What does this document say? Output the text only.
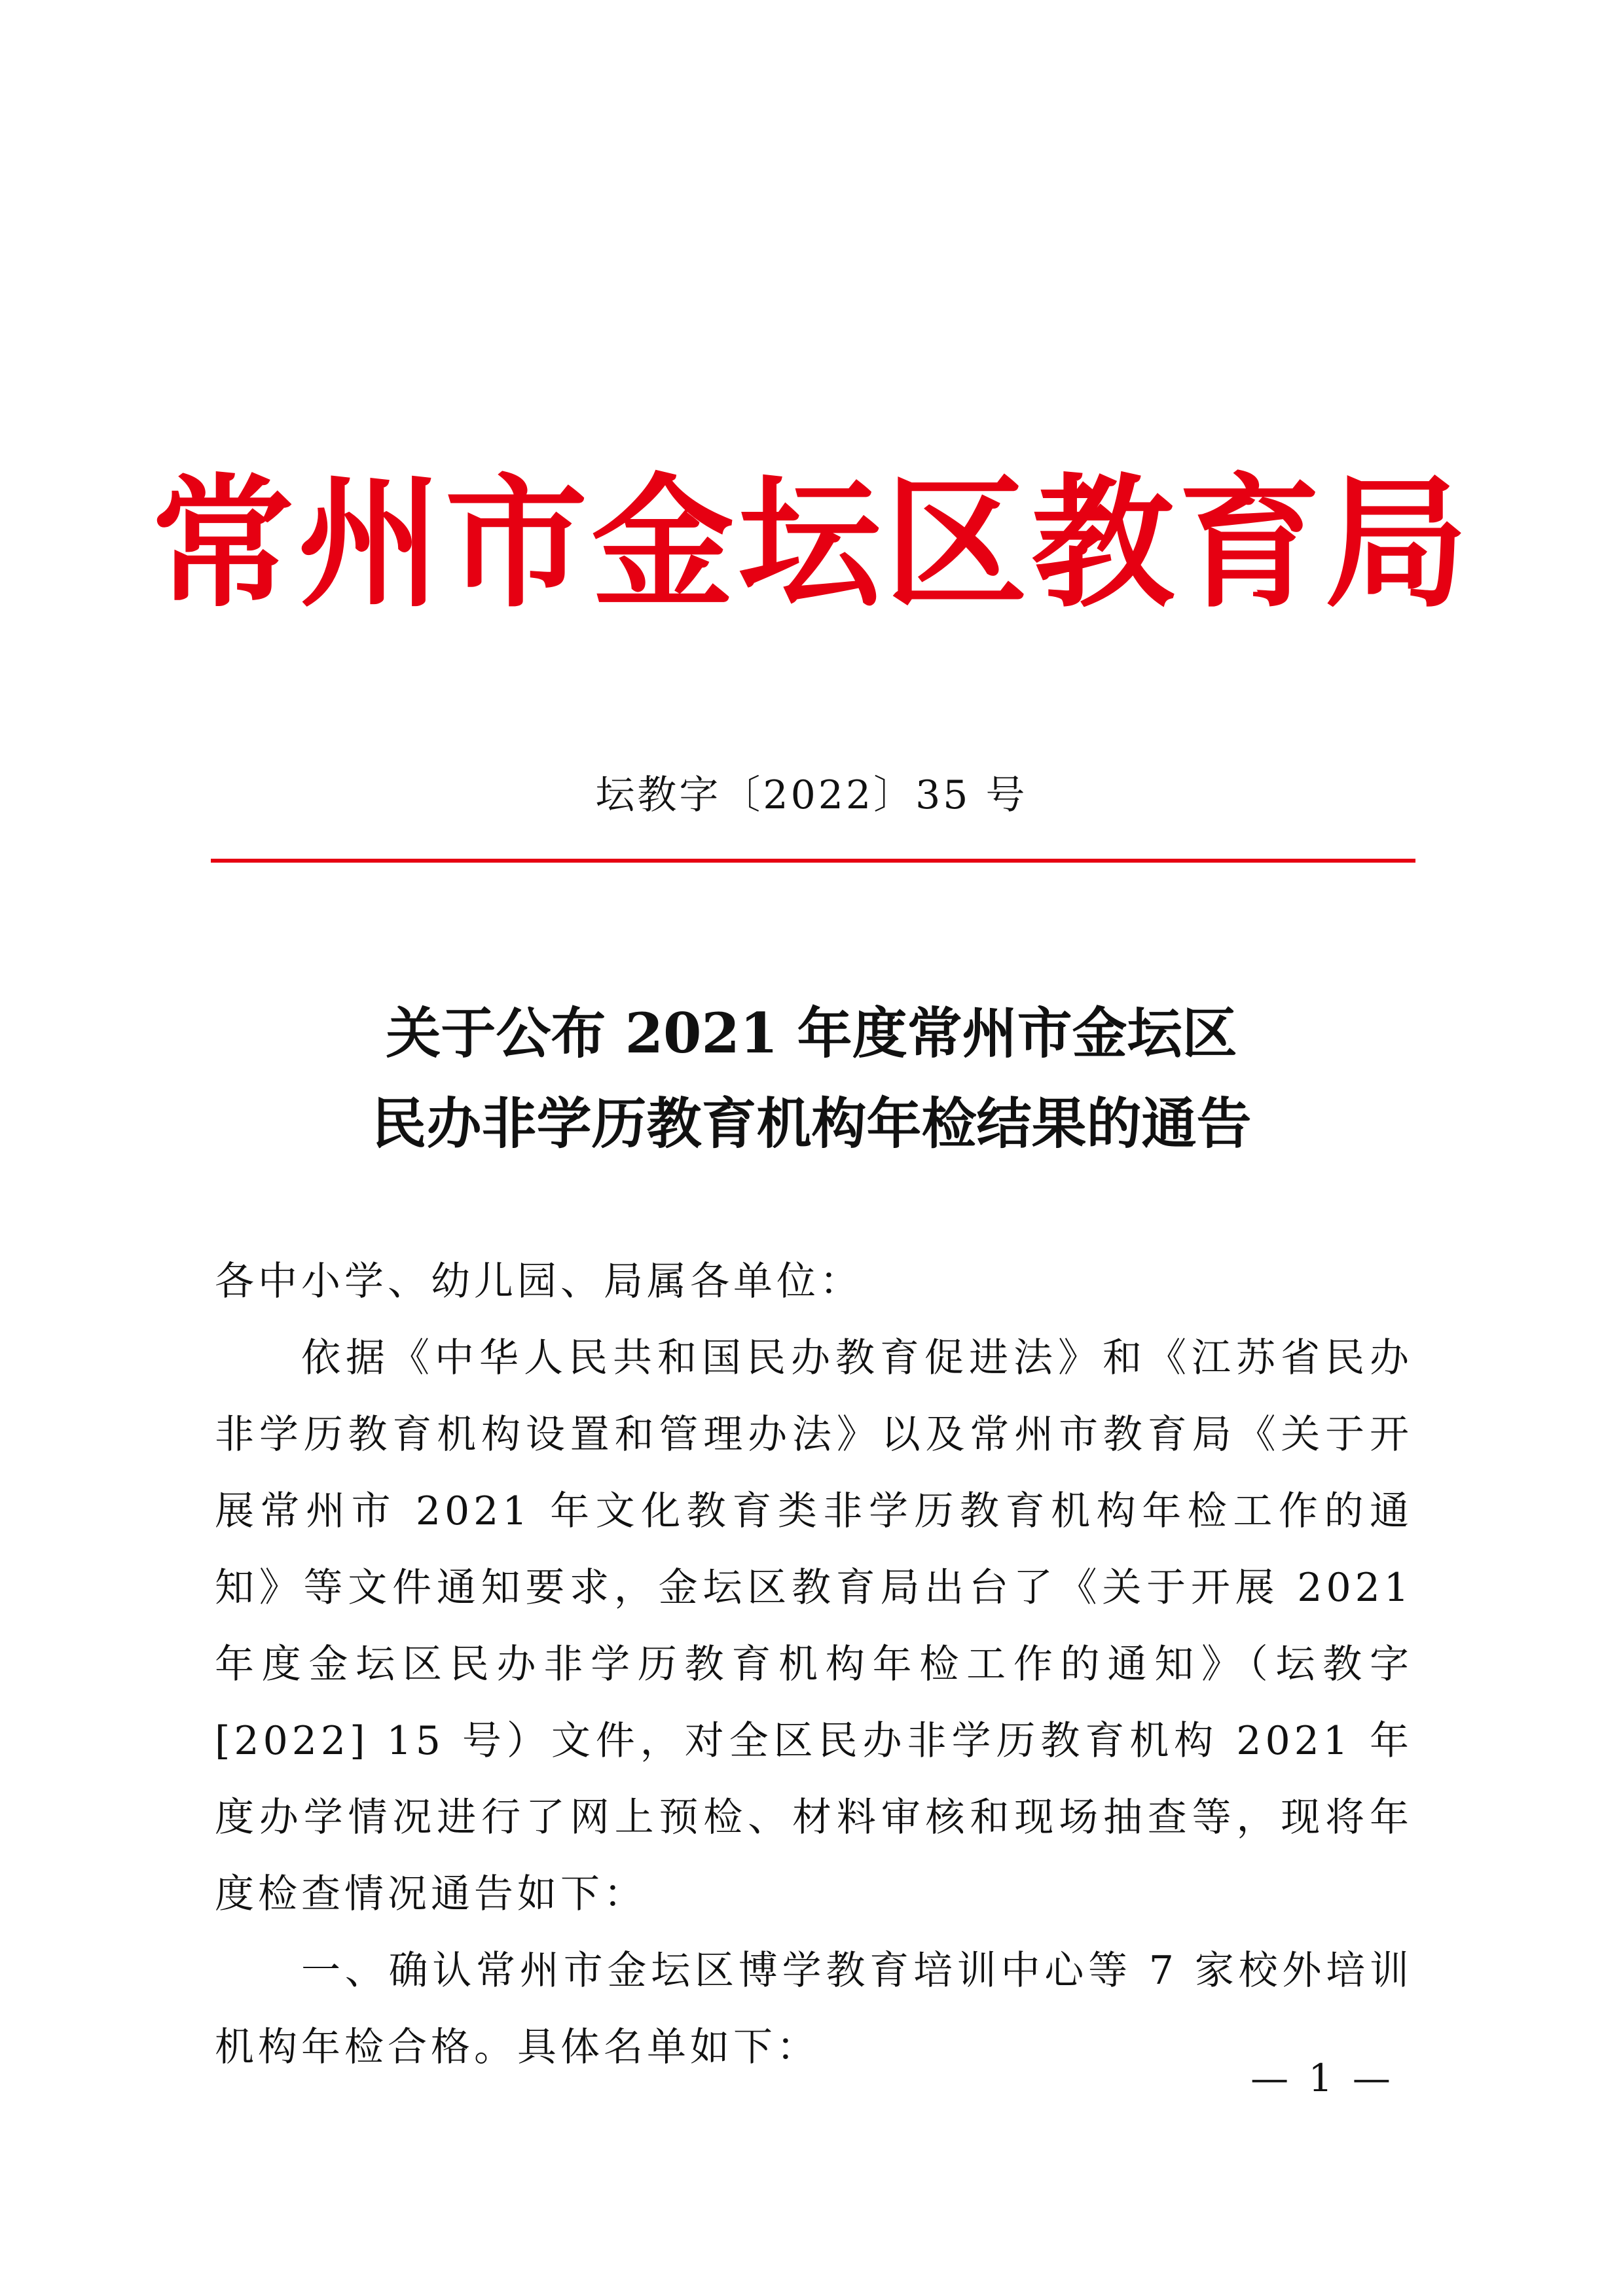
常州市金坛区教育局
坛教字〔2022〕35 号
关于公布 2021 年度常州市金坛区
民办非学历教育机构年检结果的通告

各中小学、幼儿园、局属各单位：

依据《中华人民共和国民办教育促进法》和《江苏省民办非学历教育机构设置和管理办法》以及常州市教育局《关于开展常州市 2021 年文化教育类非学历教育机构年检工作的通知》等文件通知要求，金坛区教育局出台了《关于开展 2021 年度金坛区民办非学历教育机构年检工作的通知》（坛教字[2022] 15 号）文件，对全区民办非学历教育机构 2021 年度办学情况进行了网上预检、材料审核和现场抽查等，现将年度检查情况通告如下：

一、确认常州市金坛区博学教育培训中心等 7 家校外培训机构年检合格。具体名单如下：

— 1 —
